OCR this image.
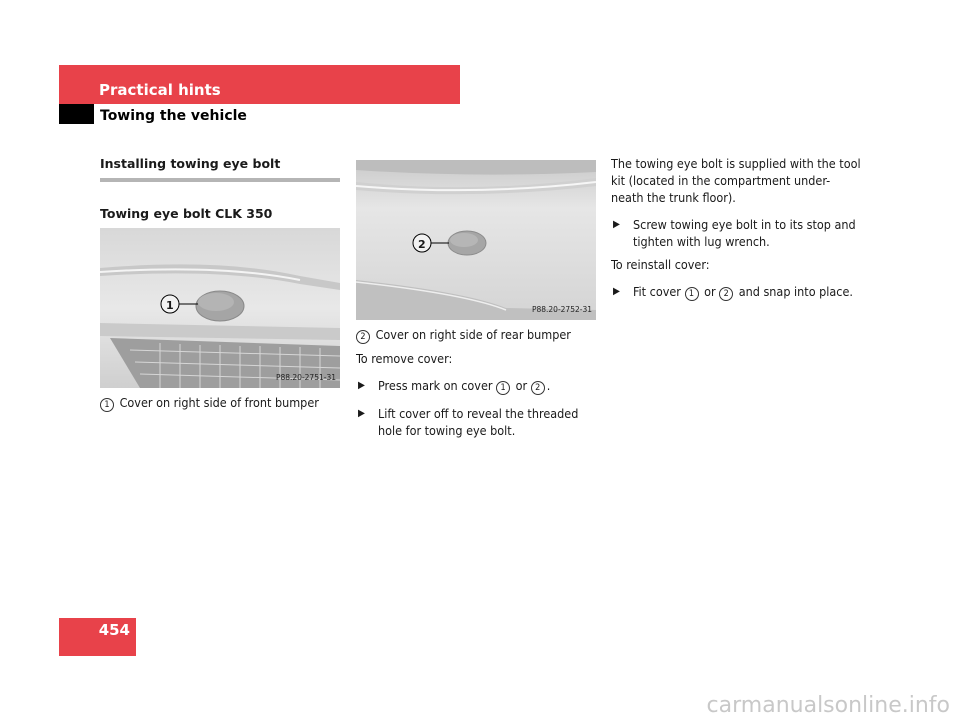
Practical hints
Towing the vehicle
Installing towing eye bolt
Towing eye bolt CLK 350
1
P88.20-2751-31

1 Cover on right side of front bumper

2
P88.20-2752-31

2 Cover on right side of rear bumper

To remove cover:

▶ Press mark on cover 1 or 2 .

▶ Lift cover off to reveal the threaded hole for towing eye bolt.

The towing eye bolt is supplied with the tool kit (located in the compartment under-neath the trunk floor).

▶ Screw towing eye bolt in to its stop and tighten with lug wrench.

To reinstall cover:

▶ Fit cover 1 or 2 and snap into place.

454
carmanualsonline.info
